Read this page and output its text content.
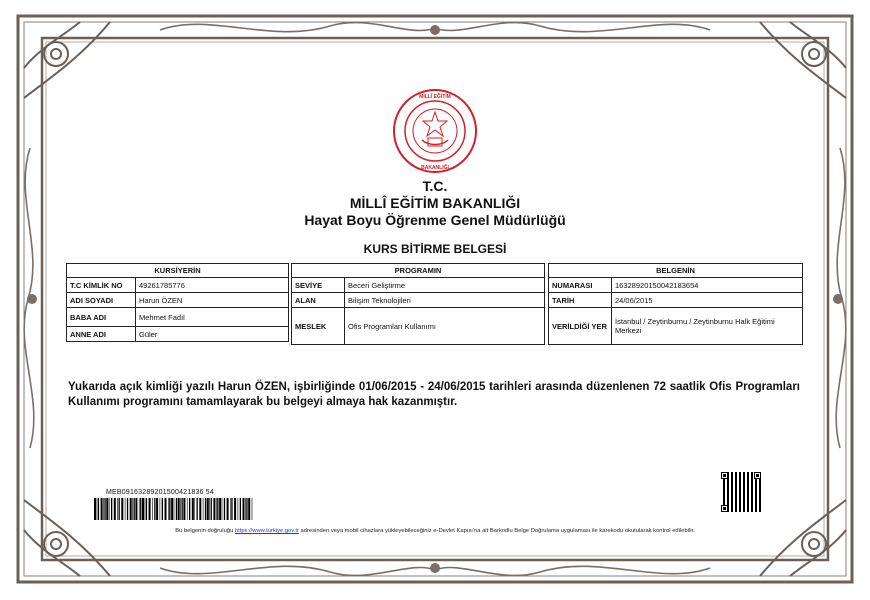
MİLLÎ EĞİTİM
BAKANLIĞI
T.C.
MİLLÎ EĞİTİM BAKANLIĞI
Hayat Boyu Öğrenme Genel Müdürlüğü
KURS BİTİRME BELGESİ
KURSİYERİN	
T.C KİMLİK NO	49261785776
ADI SOYADI	Harun ÖZEN
BABA ADI	Mehmet Fadıl
ANNE ADI	Güler
PROGRAMIN	
SEVİYE	Beceri Geliştirme
ALAN	Bilişim Teknolojileri
MESLEK	Ofis Programları Kullanımı
BELGENİN	
NUMARASI	16328920150042183654
TARİH	24/06/2015
VERİLDİĞİ YER	İstanbul / Zeytinburnu / Zeytinburnu Halk Eğitimi Merkezi
Yukarıda açık kimliği yazılı Harun ÖZEN, işbirliğinde 01/06/2015 - 24/06/2015 tarihleri arasında düzenlenen 72 saatlik Ofis Programları Kullanımı programını tamamlayarak bu belgeyi almaya hak kazanmıştır.
MEB09163289201500421836 54
Bu belgenin doğruluğu https://www.turkiye.gov.tr adresinden veya mobil cihazlara yükleyebileceğiniz e-Devlet Kapısı'na ait Barkodlu Belge Doğrulama uygulaması ile karekodu okutularak kontrol edilebilir.
